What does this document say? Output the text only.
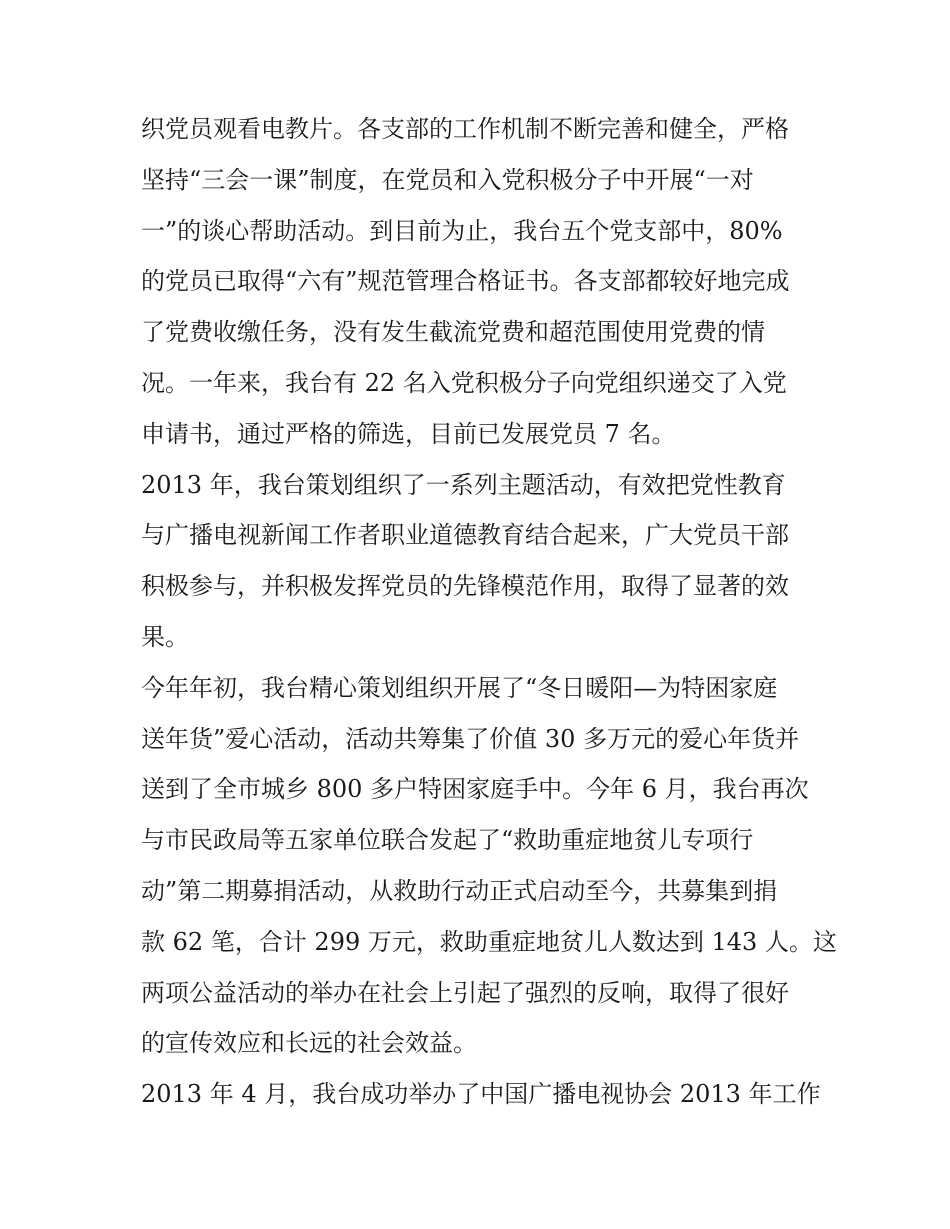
织党员观看电教片。各支部的工作机制不断完善和健全，严格
坚持“三会一课”制度，在党员和入党积极分子中开展“一对
一”的谈心帮助活动。到目前为止，我台五个党支部中，80%
的党员已取得“六有”规范管理合格证书。各支部都较好地完成
了党费收缴任务，没有发生截流党费和超范围使用党费的情
况。一年来，我台有 22 名入党积极分子向党组织递交了入党
申请书，通过严格的筛选，目前已发展党员 7 名。
2013 年，我台策划组织了一系列主题活动，有效把党性教育
与广播电视新闻工作者职业道德教育结合起来，广大党员干部
积极参与，并积极发挥党员的先锋模范作用，取得了显著的效
果。
今年年初，我台精心策划组织开展了“冬日暖阳—为特困家庭
送年货”爱心活动，活动共筹集了价值 30 多万元的爱心年货并
送到了全市城乡 800 多户特困家庭手中。今年 6 月，我台再次
与市民政局等五家单位联合发起了“救助重症地贫儿专项行
动”第二期募捐活动，从救助行动正式启动至今，共募集到捐
款 62 笔，合计 299 万元，救助重症地贫儿人数达到 143 人。这
两项公益活动的举办在社会上引起了强烈的反响，取得了很好
的宣传效应和长远的社会效益。
2013 年 4 月，我台成功举办了中国广播电视协会 2013 年工作
